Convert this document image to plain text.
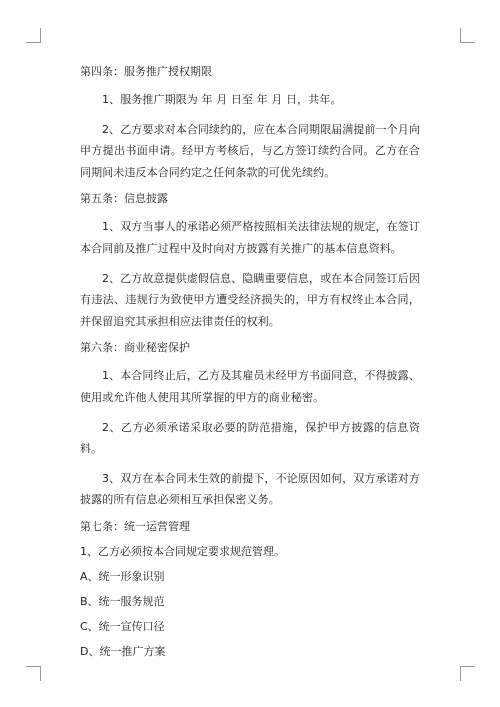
第四条：服务推广授权期限

1、服务推广期限为 年 月 日至 年 月 日，共年。

2、乙方要求对本合同续约的，应在本合同期限届满提前一个月向甲方提出书面申请。经甲方考核后，与乙方签订续约合同。乙方在合同期间未违反本合同约定之任何条款的可优先续约。

第五条：信息披露

1、双方当事人的承诺必须严格按照相关法律法规的规定，在签订本合同前及推广过程中及时向对方披露有关推广的基本信息资料。

2、乙方故意提供虚假信息、隐瞒重要信息，或在本合同签订后因有违法、违规行为致使甲方遭受经济损失的，甲方有权终止本合同，并保留追究其承担相应法律责任的权利。

第六条：商业秘密保护

1、本合同终止后，乙方及其雇员未经甲方书面同意，不得披露、使用或允许他人使用其所掌握的甲方的商业秘密。

2、乙方必须承诺采取必要的防范措施，保护甲方披露的信息资料。

3、双方在本合同未生效的前提下，不论原因如何，双方承诺对方披露的所有信息必须相互承担保密义务。

第七条：统一运营管理
1、乙方必须按本合同规定要求规范管理。
A、统一形象识别
B、统一服务规范
C、统一宣传口径
D、统一推广方案
